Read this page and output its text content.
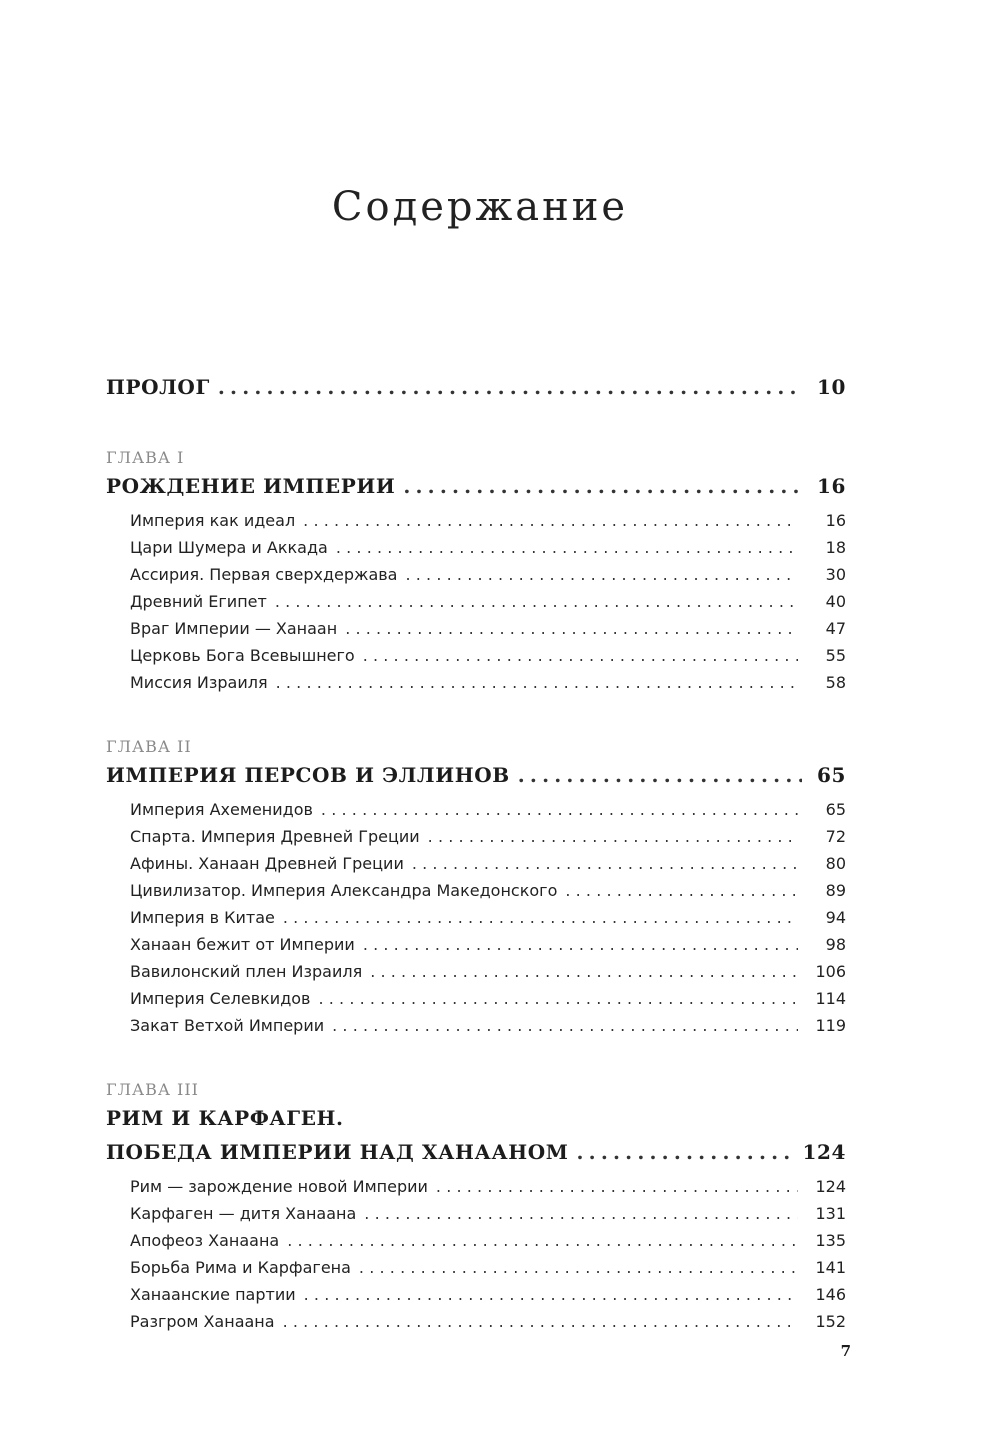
Содержание
ПРОЛОГ .....	10
ГЛАВА I
РОЖДЕНИЕ ИМПЕРИИ .....	16
Империя как идеал .....	16
Цари Шумера и Аккада .....	18
Ассирия. Первая сверхдержава .....	30
Древний Египет .....	40
Враг Империи — Ханаан .....	47
Церковь Бога Всевышнего .....	55
Миссия Израиля .....	58
ГЛАВА II
ИМПЕРИЯ ПЕРСОВ И ЭЛЛИНОВ .....	65
Империя Ахеменидов .....	65
Спарта. Империя Древней Греции .....	72
Афины. Ханаан Древней Греции .....	80
Цивилизатор. Империя Александра Македонского .....	89
Империя в Китае .....	94
Ханаан бежит от Империи .....	98
Вавилонский плен Израиля .....	106
Империя Селевкидов .....	114
Закат Ветхой Империи .....	119
ГЛАВА III
РИМ И КАРФАГЕН.
ПОБЕДА ИМПЕРИИ НАД ХАНААНОМ .....	124
Рим — зарождение новой Империи .....	124
Карфаген — дитя Ханаана .....	131
Апофеоз Ханаана .....	135
Борьба Рима и Карфагена .....	141
Ханаанские партии .....	146
Разгром Ханаана .....	152
7
